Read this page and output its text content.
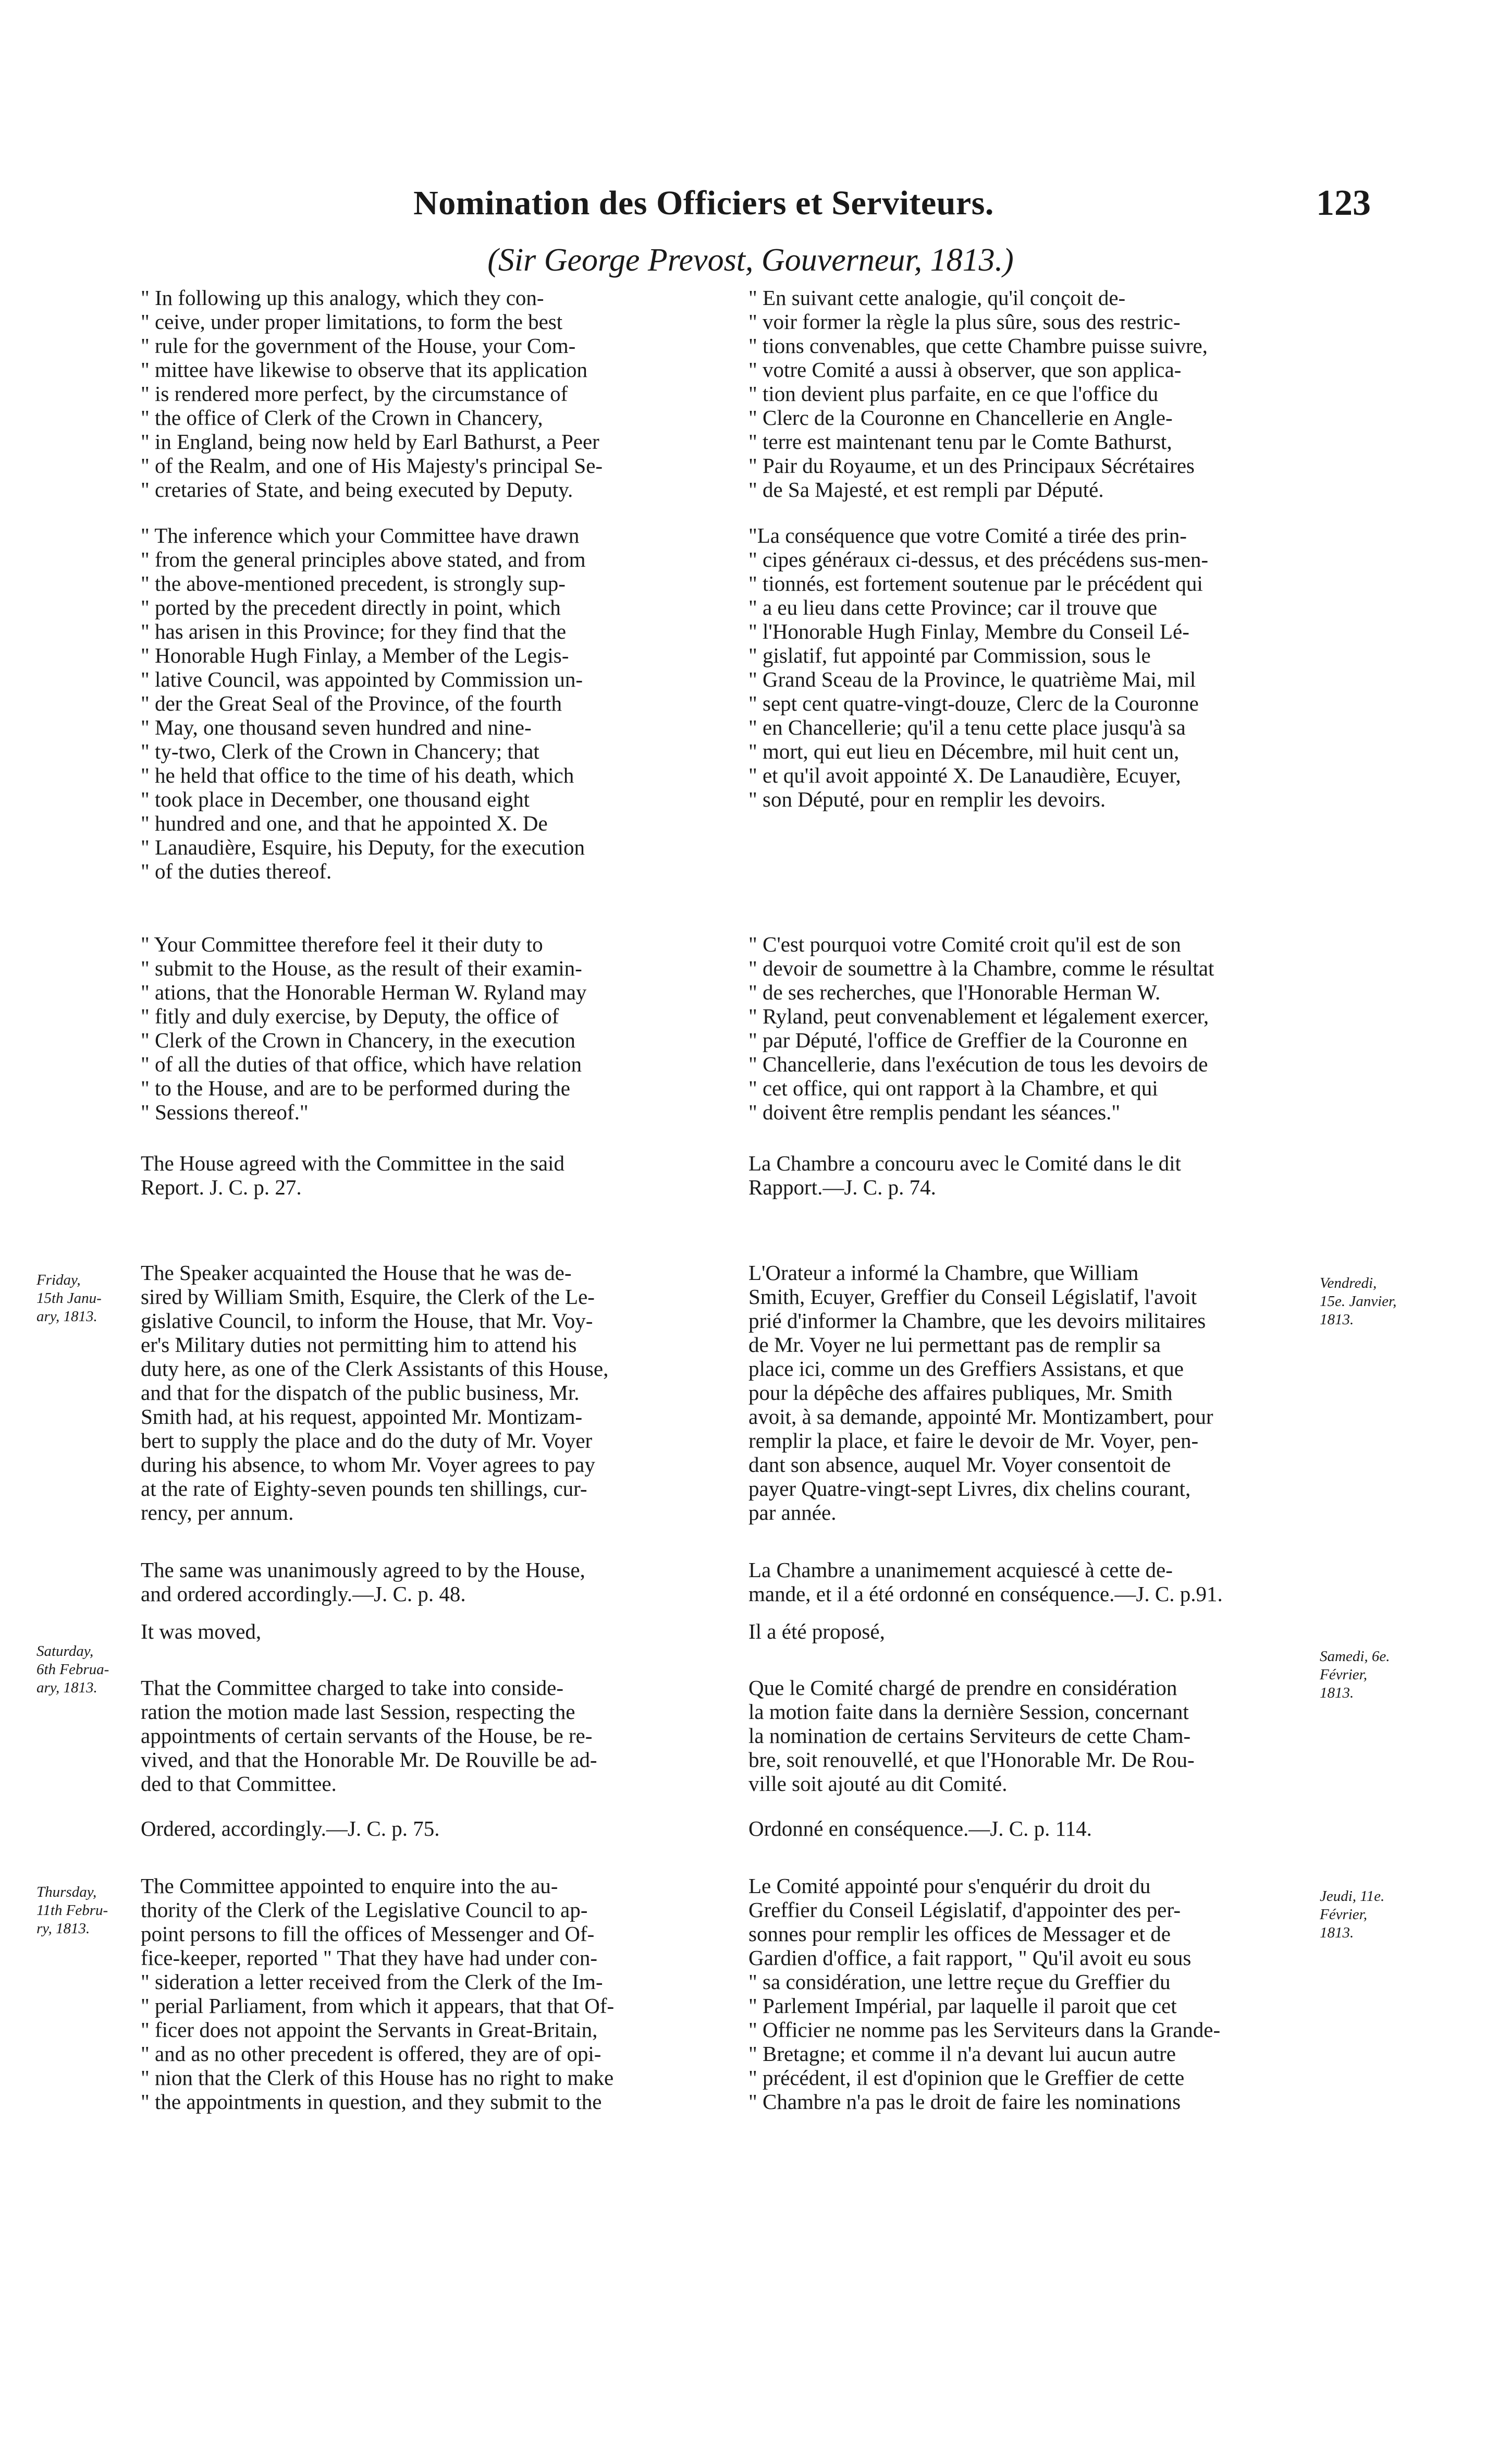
Nomination des Officiers et Serviteurs.	123
(Sir George Prevost, Gouverneur, 1813.)
" In following up this analogy, which they con-
" ceive, under proper limitations, to form the best
" rule for the government of the House, your Com-
" mittee have likewise to observe that its application
" is rendered more perfect, by the circumstance of
" the office of Clerk of the Crown in Chancery,
" in England, being now held by Earl Bathurst, a Peer
" of the Realm, and one of His Majesty's principal Se-
" cretaries of State, and being executed by Deputy.
" The inference which your Committee have drawn
" from the general principles above stated, and from
" the above-mentioned precedent, is strongly sup-
" ported by the precedent directly in point, which
" has arisen in this Province; for they find that the
" Honorable Hugh Finlay, a Member of the Legis-
" lative Council, was appointed by Commission un-
" der the Great Seal of the Province, of the fourth
" May, one thousand seven hundred and nine-
" ty-two, Clerk of the Crown in Chancery; that
" he held that office to the time of his death, which
" took place in December, one thousand eight
" hundred and one, and that he appointed X. De
" Lanaudière, Esquire, his Deputy, for the execution
" of the duties thereof.
" Your Committee therefore feel it their duty to
" submit to the House, as the result of their examin-
" ations, that the Honorable Herman W. Ryland may
" fitly and duly exercise, by Deputy, the office of
" Clerk of the Crown in Chancery, in the execution
" of all the duties of that office, which have relation
" to the House, and are to be performed during the
" Sessions thereof."
The House agreed with the Committee in the said
Report. J. C. p. 27.
The Speaker acquainted the House that he was de-
sired by William Smith, Esquire, the Clerk of the Le-
gislative Council, to inform the House, that Mr. Voy-
er's Military duties not permitting him to attend his
duty here, as one of the Clerk Assistants of this House,
and that for the dispatch of the public business, Mr.
Smith had, at his request, appointed Mr. Montizam-
bert to supply the place and do the duty of Mr. Voyer
during his absence, to whom Mr. Voyer agrees to pay
at the rate of Eighty-seven pounds ten shillings, cur-
rency, per annum.
The same was unanimously agreed to by the House,
and ordered accordingly.—J. C. p. 48.
It was moved,
That the Committee charged to take into conside-
ration the motion made last Session, respecting the
appointments of certain servants of the House, be re-
vived, and that the Honorable Mr. De Rouville be ad-
ded to that Committee.
Ordered, accordingly.—J. C. p. 75.
The Committee appointed to enquire into the au-
thority of the Clerk of the Legislative Council to ap-
point persons to fill the offices of Messenger and Of-
fice-keeper, reported " That they have had under con-
" sideration a letter received from the Clerk of the Im-
" perial Parliament, from which it appears, that that Of-
" ficer does not appoint the Servants in Great-Britain,
" and as no other precedent is offered, they are of opi-
" nion that the Clerk of this House has no right to make
" the appointments in question, and they submit to the
" En suivant cette analogie, qu'il conçoit de-
" voir former la règle la plus sûre, sous des restric-
" tions convenables, que cette Chambre puisse suivre,
" votre Comité a aussi à observer, que son applica-
" tion devient plus parfaite, en ce que l'office du
" Clerc de la Couronne en Chancellerie en Angle-
" terre est maintenant tenu par le Comte Bathurst,
" Pair du Royaume, et un des Principaux Sécrétaires
" de Sa Majesté, et est rempli par Député.
"La conséquence que votre Comité a tirée des prin-
" cipes généraux ci-dessus, et des précédens sus-men-
" tionnés, est fortement soutenue par le précédent qui
" a eu lieu dans cette Province; car il trouve que
" l'Honorable Hugh Finlay, Membre du Conseil Lé-
" gislatif, fut appointé par Commission, sous le
" Grand Sceau de la Province, le quatrième Mai, mil
" sept cent quatre-vingt-douze, Clerc de la Couronne
" en Chancellerie; qu'il a tenu cette place jusqu'à sa
" mort, qui eut lieu en Décembre, mil huit cent un,
" et qu'il avoit appointé X. De Lanaudière, Ecuyer,
" son Député, pour en remplir les devoirs.
" C'est pourquoi votre Comité croit qu'il est de son
" devoir de soumettre à la Chambre, comme le résultat
" de ses recherches, que l'Honorable Herman W.
" Ryland, peut convenablement et légalement exercer,
" par Député, l'office de Greffier de la Couronne en
" Chancellerie, dans l'exécution de tous les devoirs de
" cet office, qui ont rapport à la Chambre, et qui
" doivent être remplis pendant les séances."
La Chambre a concouru avec le Comité dans le dit
Rapport.—J. C. p. 74.
L'Orateur a informé la Chambre, que William
Smith, Ecuyer, Greffier du Conseil Législatif, l'avoit
prié d'informer la Chambre, que les devoirs militaires
de Mr. Voyer ne lui permettant pas de remplir sa
place ici, comme un des Greffiers Assistans, et que
pour la dépêche des affaires publiques, Mr. Smith
avoit, à sa demande, appointé Mr. Montizambert, pour
remplir la place, et faire le devoir de Mr. Voyer, pen-
dant son absence, auquel Mr. Voyer consentoit de
payer Quatre-vingt-sept Livres, dix chelins courant,
par année.
La Chambre a unanimement acquiescé à cette de-
mande, et il a été ordonné en conséquence.—J. C. p.91.
Il a été proposé,
Que le Comité chargé de prendre en considération
la motion faite dans la dernière Session, concernant
la nomination de certains Serviteurs de cette Cham-
bre, soit renouvellé, et que l'Honorable Mr. De Rou-
ville soit ajouté au dit Comité.
Ordonné en conséquence.—J. C. p. 114.
Le Comité appointé pour s'enquérir du droit du
Greffier du Conseil Législatif, d'appointer des per-
sonnes pour remplir les offices de Messager et de
Gardien d'office, a fait rapport, " Qu'il avoit eu sous
" sa considération, une lettre reçue du Greffier du
" Parlement Impérial, par laquelle il paroit que cet
" Officier ne nomme pas les Serviteurs dans la Grande-
" Bretagne; et comme il n'a devant lui aucun autre
" précédent, il est d'opinion que le Greffier de cette
" Chambre n'a pas le droit de faire les nominations
Friday,
15th Janu-
ary, 1813.
Saturday,
6th Februa-
ary, 1813.
Thursday,
11th Febru-
ry, 1813.
Vendredi,
15e. Janvier,
1813.
Samedi, 6e.
Février,
1813.
Jeudi, 11e.
Février,
1813.
